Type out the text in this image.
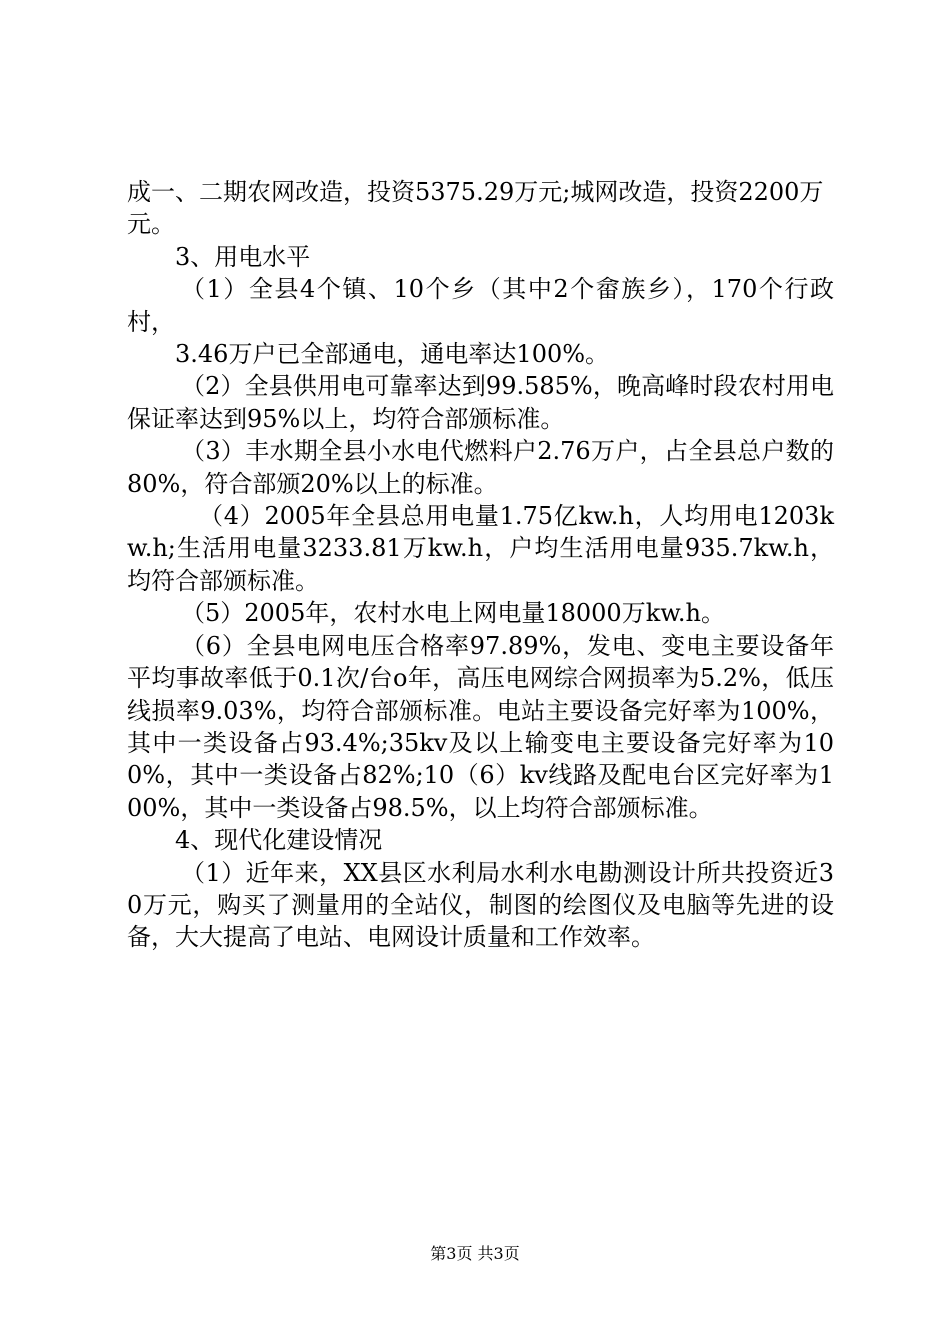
成一、二期农网改造，投资5375.29万元;城网改造，投资2200万元。

3、用电水平

（1）全县4个镇、10个乡（其中2个畲族乡），170个行政村，

3.46万户已全部通电，通电率达100%。

（2）全县供用电可靠率达到99.585%，晚高峰时段农村用电保证率达到95%以上，均符合部颁标准。

（3）丰水期全县小水电代燃料户2.76万户，占全县总户数的80%，符合部颁20%以上的标准。

（4）2005年全县总用电量1.75亿kw.h，人均用电1203kw.h;生活用电量3233.81万kw.h，户均生活用电量935.7kw.h，均符合部颁标准。

（5）2005年，农村水电上网电量18000万kw.h。

（6）全县电网电压合格率97.89%，发电、变电主要设备年平均事故率低于0.1次/台o年，高压电网综合网损率为5.2%，低压线损率9.03%，均符合部颁标准。电站主要设备完好率为100%，其中一类设备占93.4%;35kv及以上输变电主要设备完好率为100%，其中一类设备占82%;10（6）kv线路及配电台区完好率为100%，其中一类设备占98.5%，以上均符合部颁标准。

4、现代化建设情况

（1）近年来，XX县区水利局水利水电勘测设计所共投资近30万元，购买了测量用的全站仪，制图的绘图仪及电脑等先进的设备，大大提高了电站、电网设计质量和工作效率。

第3页 共3页
